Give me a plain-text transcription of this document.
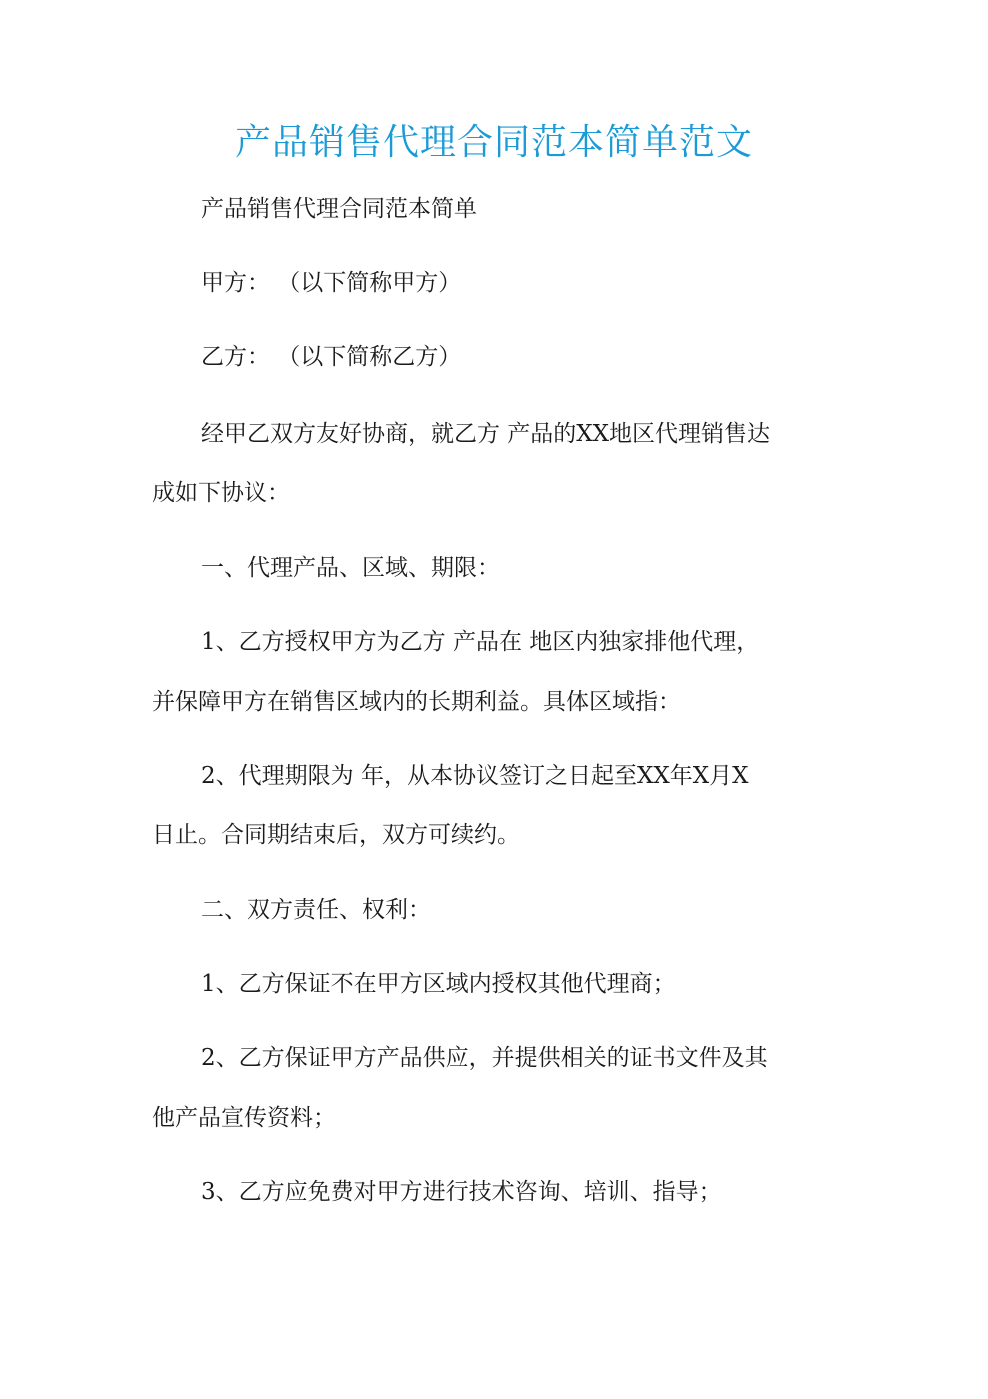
产品销售代理合同范本简单范文

产品销售代理合同范本简单

甲方： （以下简称甲方）

乙方： （以下简称乙方）

经甲乙双方友好协商，就乙方 产品的XX地区代理销售达

成如下协议：

一、代理产品、区域、期限：

1、乙方授权甲方为乙方 产品在 地区内独家排他代理，

并保障甲方在销售区域内的长期利益。具体区域指：

2、代理期限为 年，从本协议签订之日起至XX年X月X

日止。合同期结束后，双方可续约。

二、双方责任、权利：

1、乙方保证不在甲方区域内授权其他代理商；

2、乙方保证甲方产品供应，并提供相关的证书文件及其

他产品宣传资料；

3、乙方应免费对甲方进行技术咨询、培训、指导；
